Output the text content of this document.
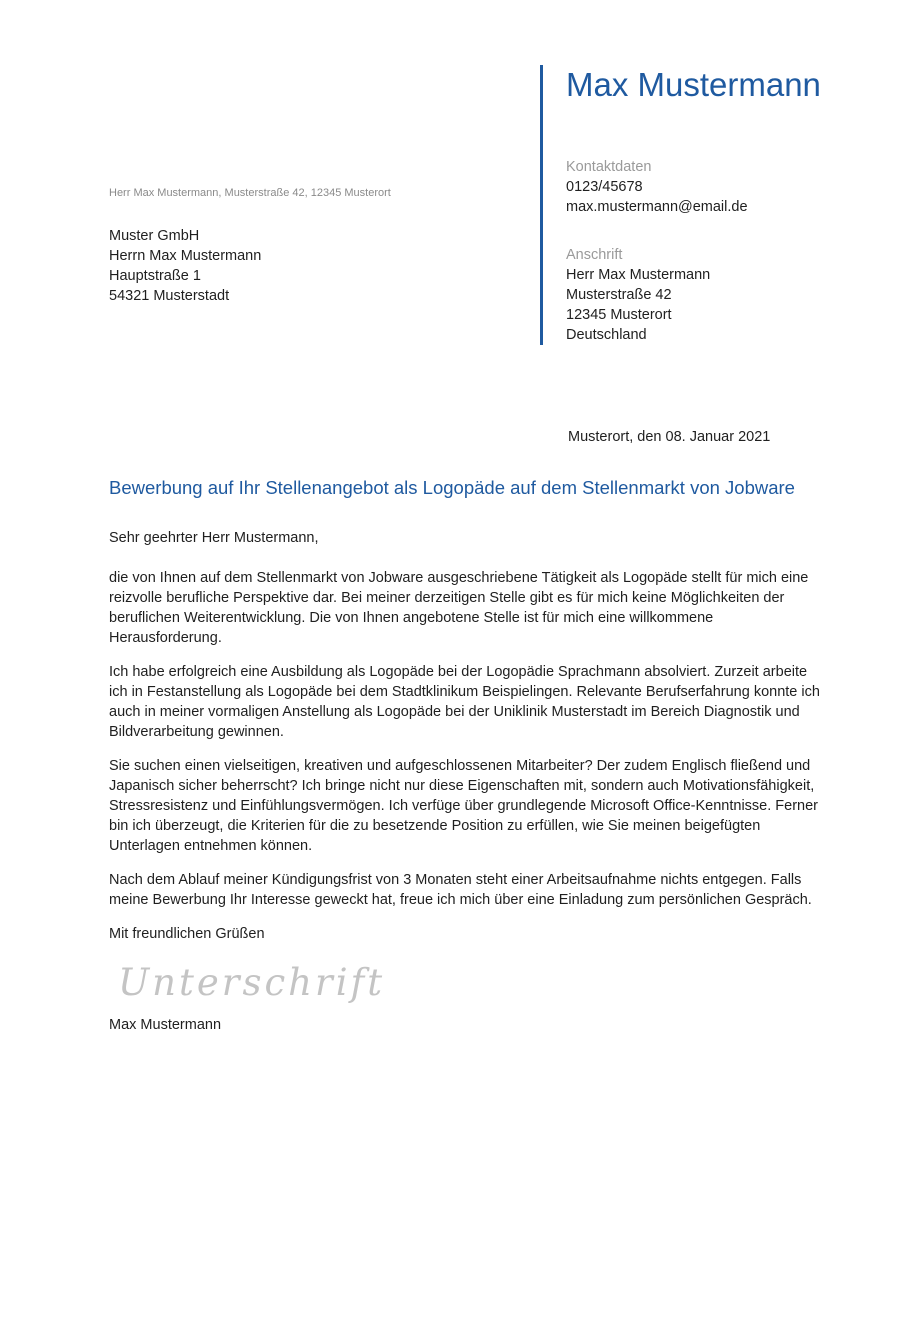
Max Mustermann
Kontaktdaten
0123/45678
max.mustermann@email.de
Anschrift
Herr Max Mustermann
Musterstraße 42
12345 Musterort
Deutschland
Herr Max Mustermann, Musterstraße 42, 12345 Musterort
Muster GmbH
Herrn Max Mustermann
Hauptstraße 1
54321 Musterstadt
Musterort, den 08. Januar 2021
Bewerbung auf Ihr Stellenangebot als Logopäde auf dem Stellenmarkt von Jobware

Sehr geehrter Herr Mustermann,

die von Ihnen auf dem Stellenmarkt von Jobware ausgeschriebene Tätigkeit als Logopäde stellt für mich eine reizvolle berufliche Perspektive dar. Bei meiner derzeitigen Stelle gibt es für mich keine Möglichkeiten der beruflichen Weiterentwicklung. Die von Ihnen angebotene Stelle ist für mich eine willkommene Herausforderung.

Ich habe erfolgreich eine Ausbildung als Logopäde bei der Logopädie Sprachmann absolviert. Zurzeit arbeite ich in Festanstellung als Logopäde bei dem Stadtklinikum Beispielingen. Relevante Berufserfahrung konnte ich auch in meiner vormaligen Anstellung als Logopäde bei der Uniklinik Musterstadt im Bereich Diagnostik und Bildverarbeitung gewinnen.

Sie suchen einen vielseitigen, kreativen und aufgeschlossenen Mitarbeiter? Der zudem Englisch fließend und Japanisch sicher beherrscht? Ich bringe nicht nur diese Eigenschaften mit, sondern auch Motivationsfähigkeit, Stressresistenz und Einfühlungsvermögen. Ich verfüge über grundlegende Microsoft Office-Kenntnisse. Ferner bin ich überzeugt, die Kriterien für die zu besetzende Position zu erfüllen, wie Sie meinen beigefügten Unterlagen entnehmen können.

Nach dem Ablauf meiner Kündigungsfrist von 3 Monaten steht einer Arbeitsaufnahme nichts entgegen. Falls meine Bewerbung Ihr Interesse geweckt hat, freue ich mich über eine Einladung zum persönlichen Gespräch.

Mit freundlichen Grüßen

Unterschrift
Max Mustermann
